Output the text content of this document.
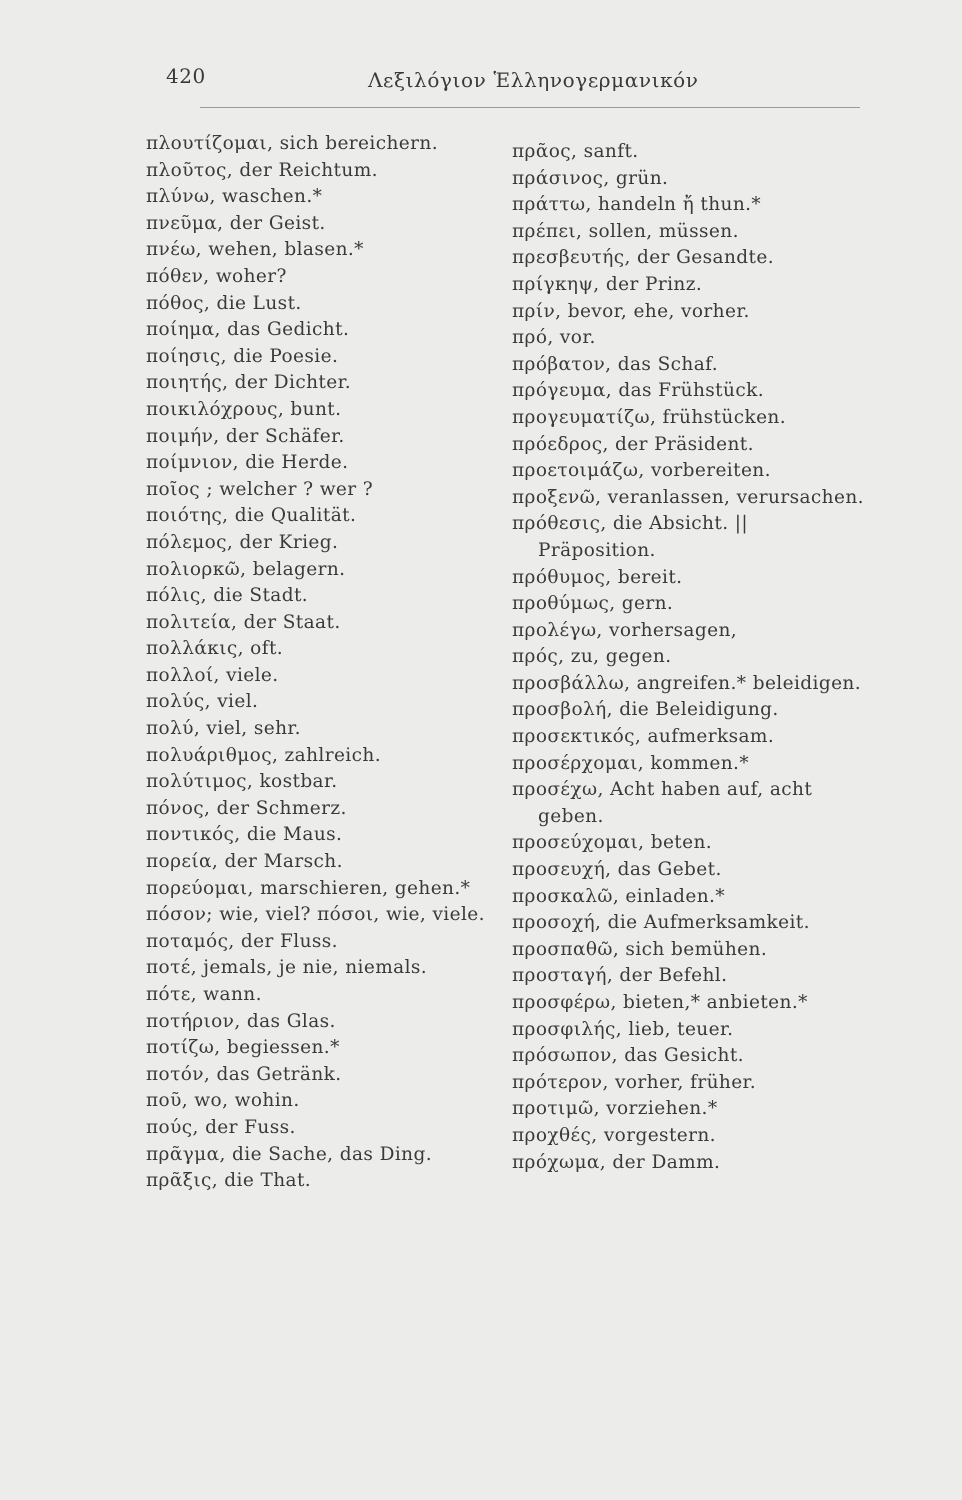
420	Λεξιλόγιον Ἑλληνογερμανικόν
πλουτίζομαι, sich bereichern.
πλοῦτος, der Reichtum.
πλύνω, waschen.*
πνεῦμα, der Geist.
πνέω, wehen, blasen.*
πόθεν, woher?
πόθος, die Lust.
ποίημα, das Gedicht.
ποίησις, die Poesie.
ποιητής, der Dichter.
ποικιλόχρους, bunt.
ποιμήν, der Schäfer.
ποίμνιον, die Herde.
ποῖος ; welcher ? wer ?
ποιότης, die Qualität.
πόλεμος, der Krieg.
πολιορκῶ, belagern.
πόλις, die Stadt.
πολιτεία, der Staat.
πολλάκις, oft.
πολλοί, viele.
πολύς, viel.
πολύ, viel, sehr.
πολυάριθμος, zahlreich.
πολύτιμος, kostbar.
πόνος, der Schmerz.
ποντικός, die Maus.
πορεία, der Marsch.
πορεύομαι, marschieren, gehen.*
πόσον; wie, viel? πόσοι, wie, viele.
ποταμός, der Fluss.
ποτέ, jemals, je nie, niemals.
πότε, wann.
ποτήριον, das Glas.
ποτίζω, begiessen.*
ποτόν, das Getränk.
ποῦ, wo, wohin.
πούς, der Fuss.
πρᾶγμα, die Sache, das Ding.
πρᾶξις, die That.
πρᾶος, sanft.
πράσινος, grün.
πράττω, handeln ἤ thun.*
πρέπει, sollen, müssen.
πρεσβευτής, der Gesandte.
πρίγκηψ, der Prinz.
πρίν, bevor, ehe, vorher.
πρό, vor.
πρόβατον, das Schaf.
πρόγευμα, das Frühstück.
προγευματίζω, frühstücken.
πρόεδρος, der Präsident.
προετοιμάζω, vorbereiten.
προξενῶ, veranlassen, verursachen.
πρόθεσις, die Absicht. || Präposition.
πρόθυμος, bereit.
προθύμως, gern.
προλέγω, vorhersagen,
πρός, zu, gegen.
προσβάλλω, angreifen.* beleidigen.
προσβολή, die Beleidigung.
προσεκτικός, aufmerksam.
προσέρχομαι, kommen.*
προσέχω, Acht haben auf, acht geben.
προσεύχομαι, beten.
προσευχή, das Gebet.
προσκαλῶ, einladen.*
προσοχή, die Aufmerksamkeit.
προσπαθῶ, sich bemühen.
προσταγή, der Befehl.
προσφέρω, bieten,* anbieten.*
προσφιλής, lieb, teuer.
πρόσωπον, das Gesicht.
πρότερον, vorher, früher.
προτιμῶ, vorziehen.*
προχθές, vorgestern.
πρόχωμα, der Damm.
